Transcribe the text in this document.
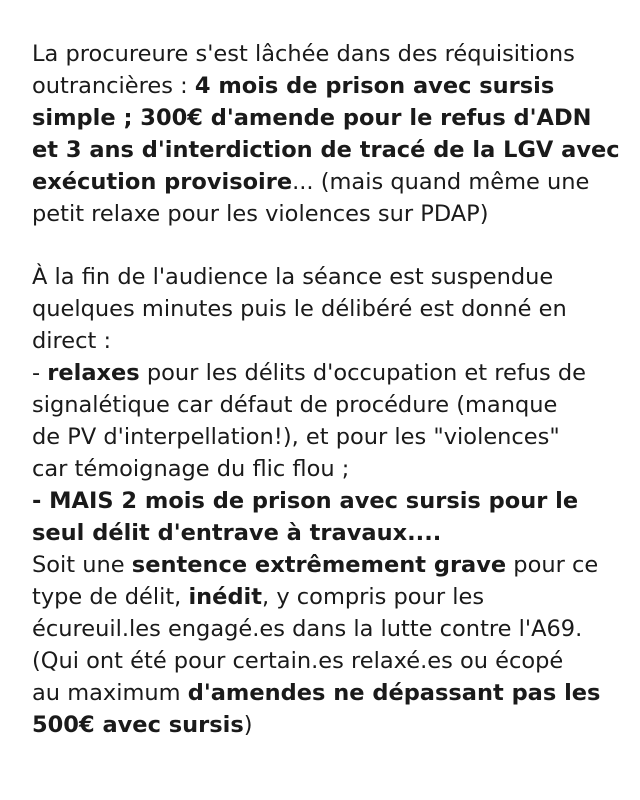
La procureure s'est lâchée dans des réquisitions
outrancières : 4 mois de prison avec sursis
simple ; 300€ d'amende pour le refus d'ADN
et 3 ans d'interdiction de tracé de la LGV avec
exécution provisoire... (mais quand même une
petit relaxe pour les violences sur PDAP)

À la fin de l'audience la séance est suspendue
quelques minutes puis le délibéré est donné en
direct :
- relaxes pour les délits d'occupation et refus de
signalétique car défaut de procédure (manque
de PV d'interpellation!), et pour les "violences"
car témoignage du flic flou ;
- MAIS 2 mois de prison avec sursis pour le
seul délit d'entrave à travaux....
Soit une sentence extrêmement grave pour ce
type de délit, inédit, y compris pour les
écureuil.les engagé.es dans la lutte contre l'A69.
(Qui ont été pour certain.es relaxé.es ou écopé
au maximum d'amendes ne dépassant pas les
500€ avec sursis)
